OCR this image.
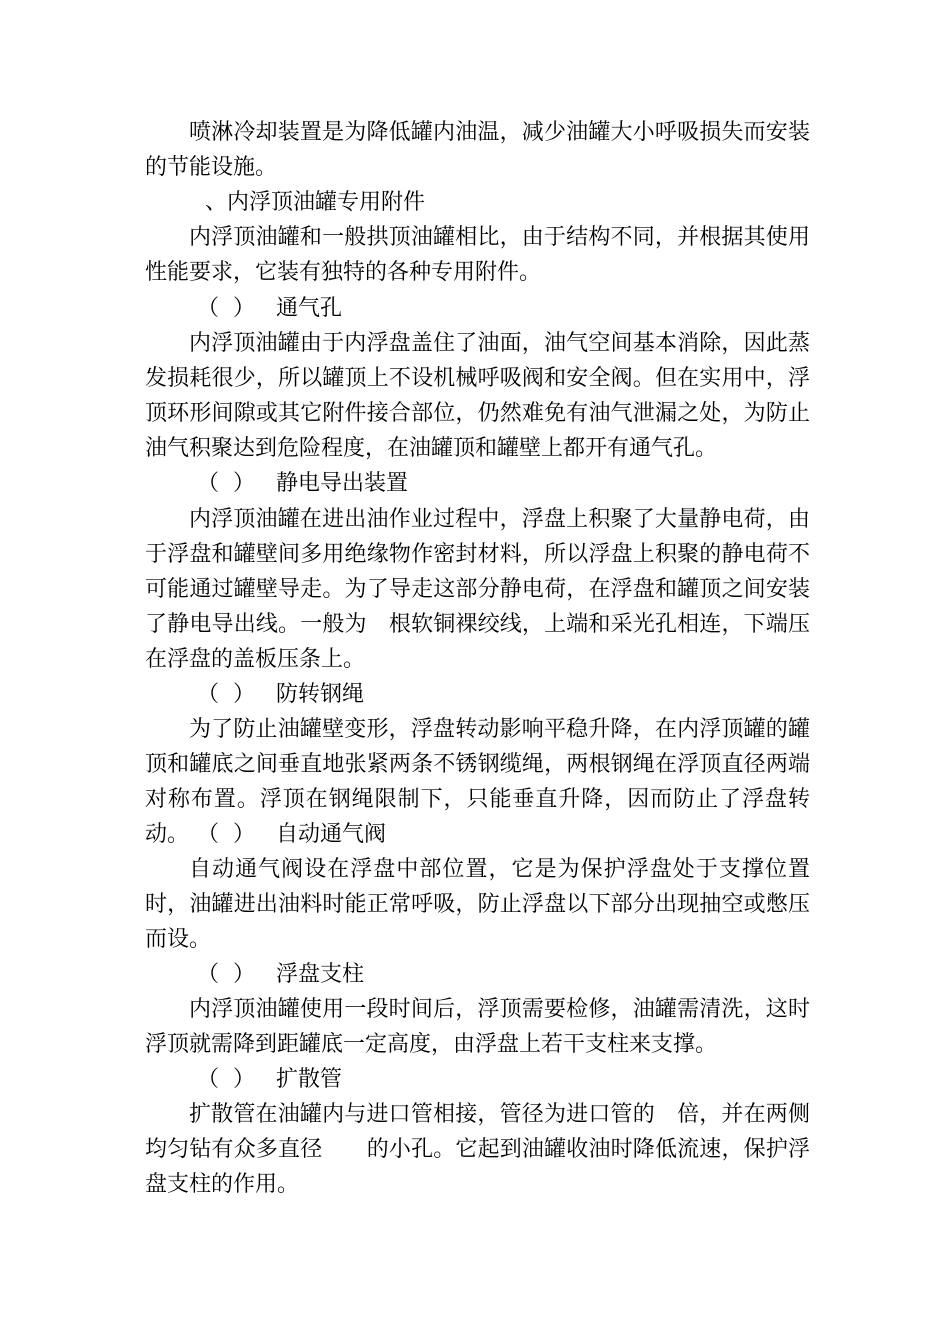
喷淋冷却装置是为降低罐内油温，减少油罐大小呼吸损失而安装的节能设施。

、内浮顶油罐专用附件

内浮顶油罐和一般拱顶油罐相比，由于结构不同，并根据其使用性能要求，它装有独特的各种专用附件。

（  ）   通气孔

内浮顶油罐由于内浮盘盖住了油面，油气空间基本消除，因此蒸发损耗很少，所以罐顶上不设机械呼吸阀和安全阀。但在实用中，浮顶环形间隙或其它附件接合部位，仍然难免有油气泄漏之处，为防止油气积聚达到危险程度，在油罐顶和罐壁上都开有通气孔。

（  ）   静电导出装置

内浮顶油罐在进出油作业过程中，浮盘上积聚了大量静电荷，由于浮盘和罐壁间多用绝缘物作密封材料，所以浮盘上积聚的静电荷不可能通过罐壁导走。为了导走这部分静电荷，在浮盘和罐顶之间安装了静电导出线。一般为　根软铜裸绞线，上端和采光孔相连，下端压在浮盘的盖板压条上。

（  ）   防转钢绳

为了防止油罐壁变形，浮盘转动影响平稳升降，在内浮顶罐的罐顶和罐底之间垂直地张紧两条不锈钢缆绳，两根钢绳在浮顶直径两端对称布置。浮顶在钢绳限制下，只能垂直升降，因而防止了浮盘转动。 （  ）   自动通气阀

自动通气阀设在浮盘中部位置，它是为保护浮盘处于支撑位置时，油罐进出油料时能正常呼吸，防止浮盘以下部分出现抽空或憋压而设。

（  ）   浮盘支柱

内浮顶油罐使用一段时间后，浮顶需要检修，油罐需清洗，这时浮顶就需降到距罐底一定高度，由浮盘上若干支柱来支撑。

（  ）   扩散管

扩散管在油罐内与进口管相接，管径为进口管的　倍，并在两侧均匀钻有众多直径　　的小孔。它起到油罐收油时降低流速，保护浮盘支柱的作用。
